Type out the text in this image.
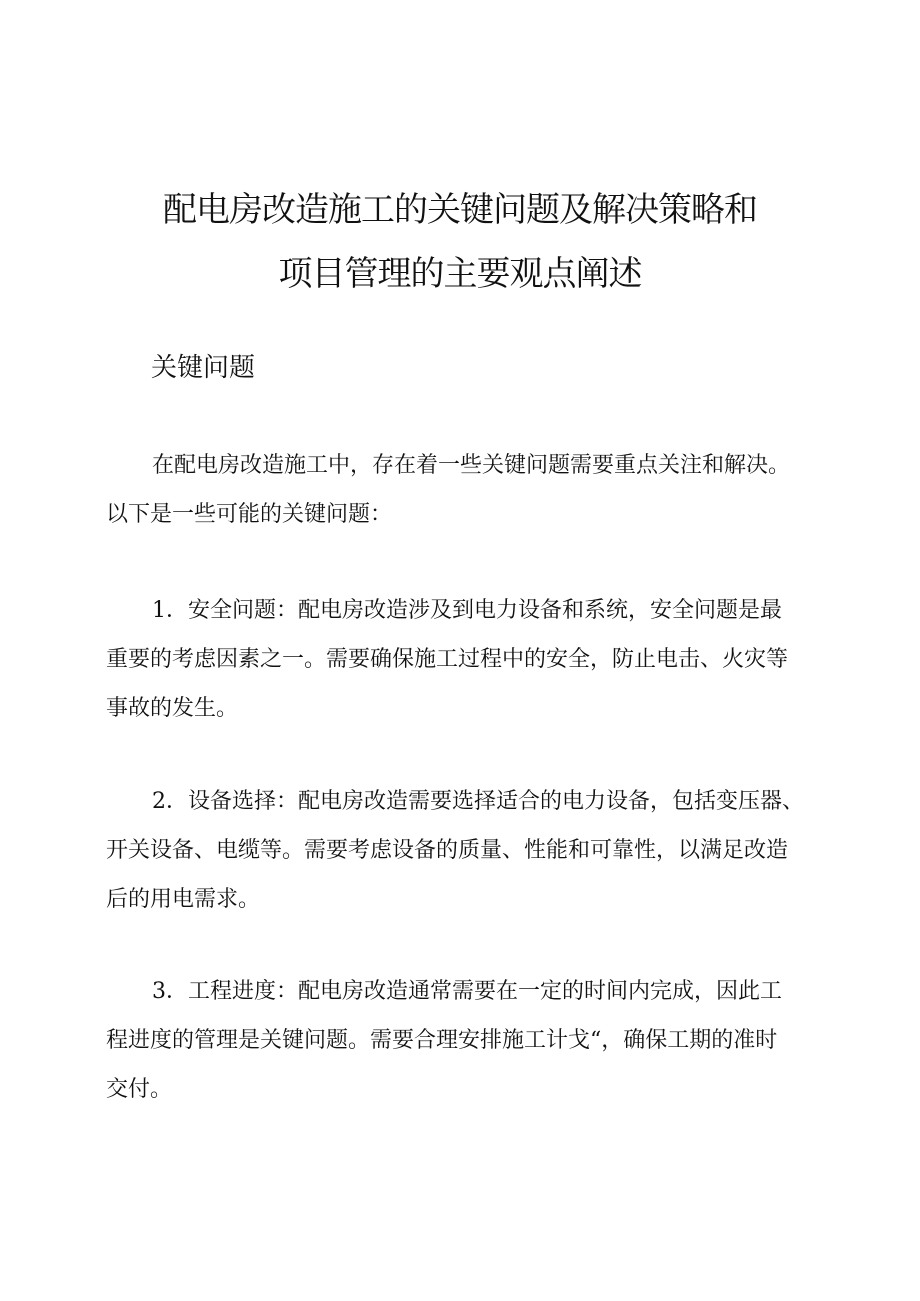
配电房改造施工的关键问题及解决策略和
项目管理的主要观点阐述
关键问题

在配电房改造施工中，存在着一些关键问题需要重点关注和解决。
以下是一些可能的关键问题：

1．安全问题：配电房改造涉及到电力设备和系统，安全问题是最
重要的考虑因素之一。需要确保施工过程中的安全，防止电击、火灾等
事故的发生。

2．设备选择：配电房改造需要选择适合的电力设备，包括变压器、
开关设备、电缆等。需要考虑设备的质量、性能和可靠性，以满足改造
后的用电需求。

3．工程进度：配电房改造通常需要在一定的时间内完成，因此工
程进度的管理是关键问题。需要合理安排施工计戈“，确保工期的准时
交付。
